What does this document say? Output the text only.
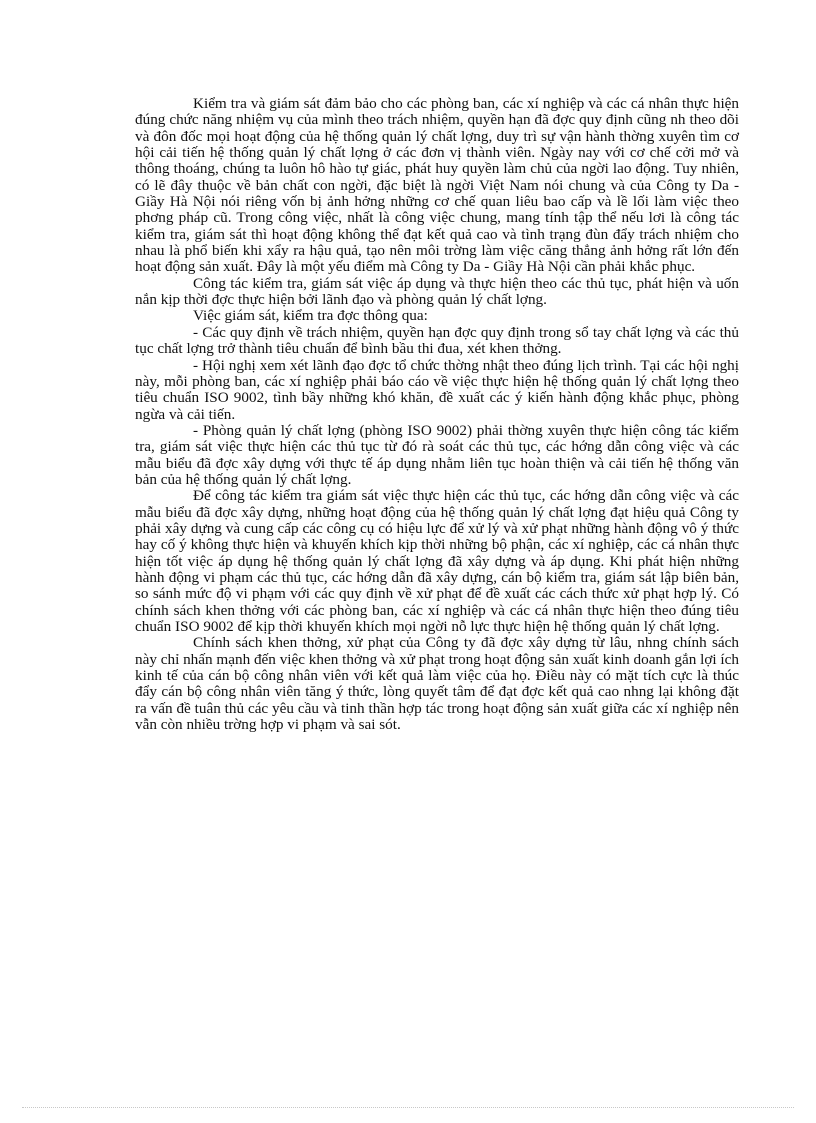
Kiểm tra và giám sát đảm bảo cho các phòng ban, các xí nghiệp và các cá nhân thực hiện đúng chức năng nhiệm vụ của mình theo trách nhiệm, quyền hạn đã đợc quy định cũng nh theo dõi và đôn đốc mọi hoạt động của hệ thống quản lý chất lợng, duy trì sự vận hành thờng xuyên tìm cơ hội cải tiến hệ thống quản lý chất lợng ở các đơn vị thành viên. Ngày nay với cơ chế cởi mở và thông thoáng, chúng ta luôn hô hào tự giác, phát huy quyền làm chủ của ngời lao động. Tuy nhiên, có lẽ đây thuộc về bản chất con ngời, đặc biệt là ngời Việt Nam nói chung và của Công ty Da - Giầy Hà Nội nói riêng vốn bị ảnh hởng những cơ chế quan liêu bao cấp và lề lối làm việc theo phơng pháp cũ. Trong công việc, nhất là công việc chung, mang tính tập thể nếu lơi là công tác kiểm tra, giám sát thì hoạt động không thể đạt kết quả cao và tình trạng đùn đẩy trách nhiệm cho nhau là phổ biến khi xẩy ra hậu quả, tạo nên môi trờng làm việc căng thẳng ảnh hởng rất lớn đến hoạt động sản xuất. Đây là một yếu điểm mà Công ty Da - Giầy Hà Nội cần phải khắc phục.

Công tác kiểm tra, giám sát việc áp dụng và thực hiện theo các thủ tục, phát hiện và uốn nắn kịp thời đợc thực hiện bởi lãnh đạo và phòng quản lý chất lợng.

Việc giám sát, kiểm tra đợc thông qua:

- Các quy định về trách nhiệm, quyền hạn đợc quy định trong sổ tay chất lợng và các thủ tục chất lợng trở thành tiêu chuẩn để bình bầu thi đua, xét khen thởng.

- Hội nghị xem xét lãnh đạo đợc tổ chức thờng nhật theo đúng lịch trình. Tại các hội nghị này, mỗi phòng ban, các xí nghiệp phải báo cáo về việc thực hiện hệ thống quản lý chất lợng theo tiêu chuẩn ISO 9002, tình bầy những khó khăn, đề xuất các ý kiến hành động khắc phục, phòng ngừa và cải tiến.

- Phòng quản lý chất lợng (phòng ISO 9002) phải thờng xuyên thực hiện công tác kiểm tra, giám sát việc thực hiện các thủ tục từ đó rà soát các thủ tục, các hớng dẫn công việc và các mẫu biểu đã đợc xây dựng với thực tế áp dụng nhằm liên tục hoàn thiện và cải tiến hệ thống văn bản của hệ thống quản lý chất lợng.

Để công tác kiểm tra giám sát việc thực hiện các thủ tục, các hớng dẫn công việc và các mẫu biểu đã đợc xây dựng, những hoạt động của hệ thống quản lý chất lợng đạt hiệu quả Công ty phải xây dựng và cung cấp các công cụ có hiệu lực để xử lý và xử phạt những hành động vô ý thức hay cố ý không thực hiện và khuyến khích kịp thời những bộ phận, các xí nghiệp, các cá nhân thực hiện tốt việc áp dụng hệ thống quản lý chất lợng đã xây dựng và áp dụng. Khi phát hiện những hành động vi phạm các thủ tục, các hớng dẫn đã xây dựng, cán bộ kiểm tra, giám sát lập biên bản, so sánh mức độ vi phạm với các quy định về xử phạt để đề xuất các cách thức xử phạt hợp lý. Có chính sách khen thởng với các phòng ban, các xí nghiệp và các cá nhân thực hiện theo đúng tiêu chuẩn ISO 9002 để kịp thời khuyến khích mọi ngời nỗ lực thực hiện hệ thống quản lý chất lợng.

Chính sách khen thởng, xử phạt của Công ty đã đợc xây dựng từ lâu, nhng chính sách này chỉ nhấn mạnh đến việc khen thởng và xử phạt trong hoạt động sản xuất kinh doanh gắn lợi ích kinh tế của cán bộ công nhân viên với kết quả làm việc của họ. Điều này có mặt tích cực là thúc đẩy cán bộ công nhân viên tăng ý thức, lòng quyết tâm để đạt đợc kết quả cao nhng lại không đặt ra vấn đề tuân thủ các yêu cầu và tinh thần hợp tác trong hoạt động sản xuất giữa các xí nghiệp nên vẫn còn nhiều trờng hợp vi phạm và sai sót.
